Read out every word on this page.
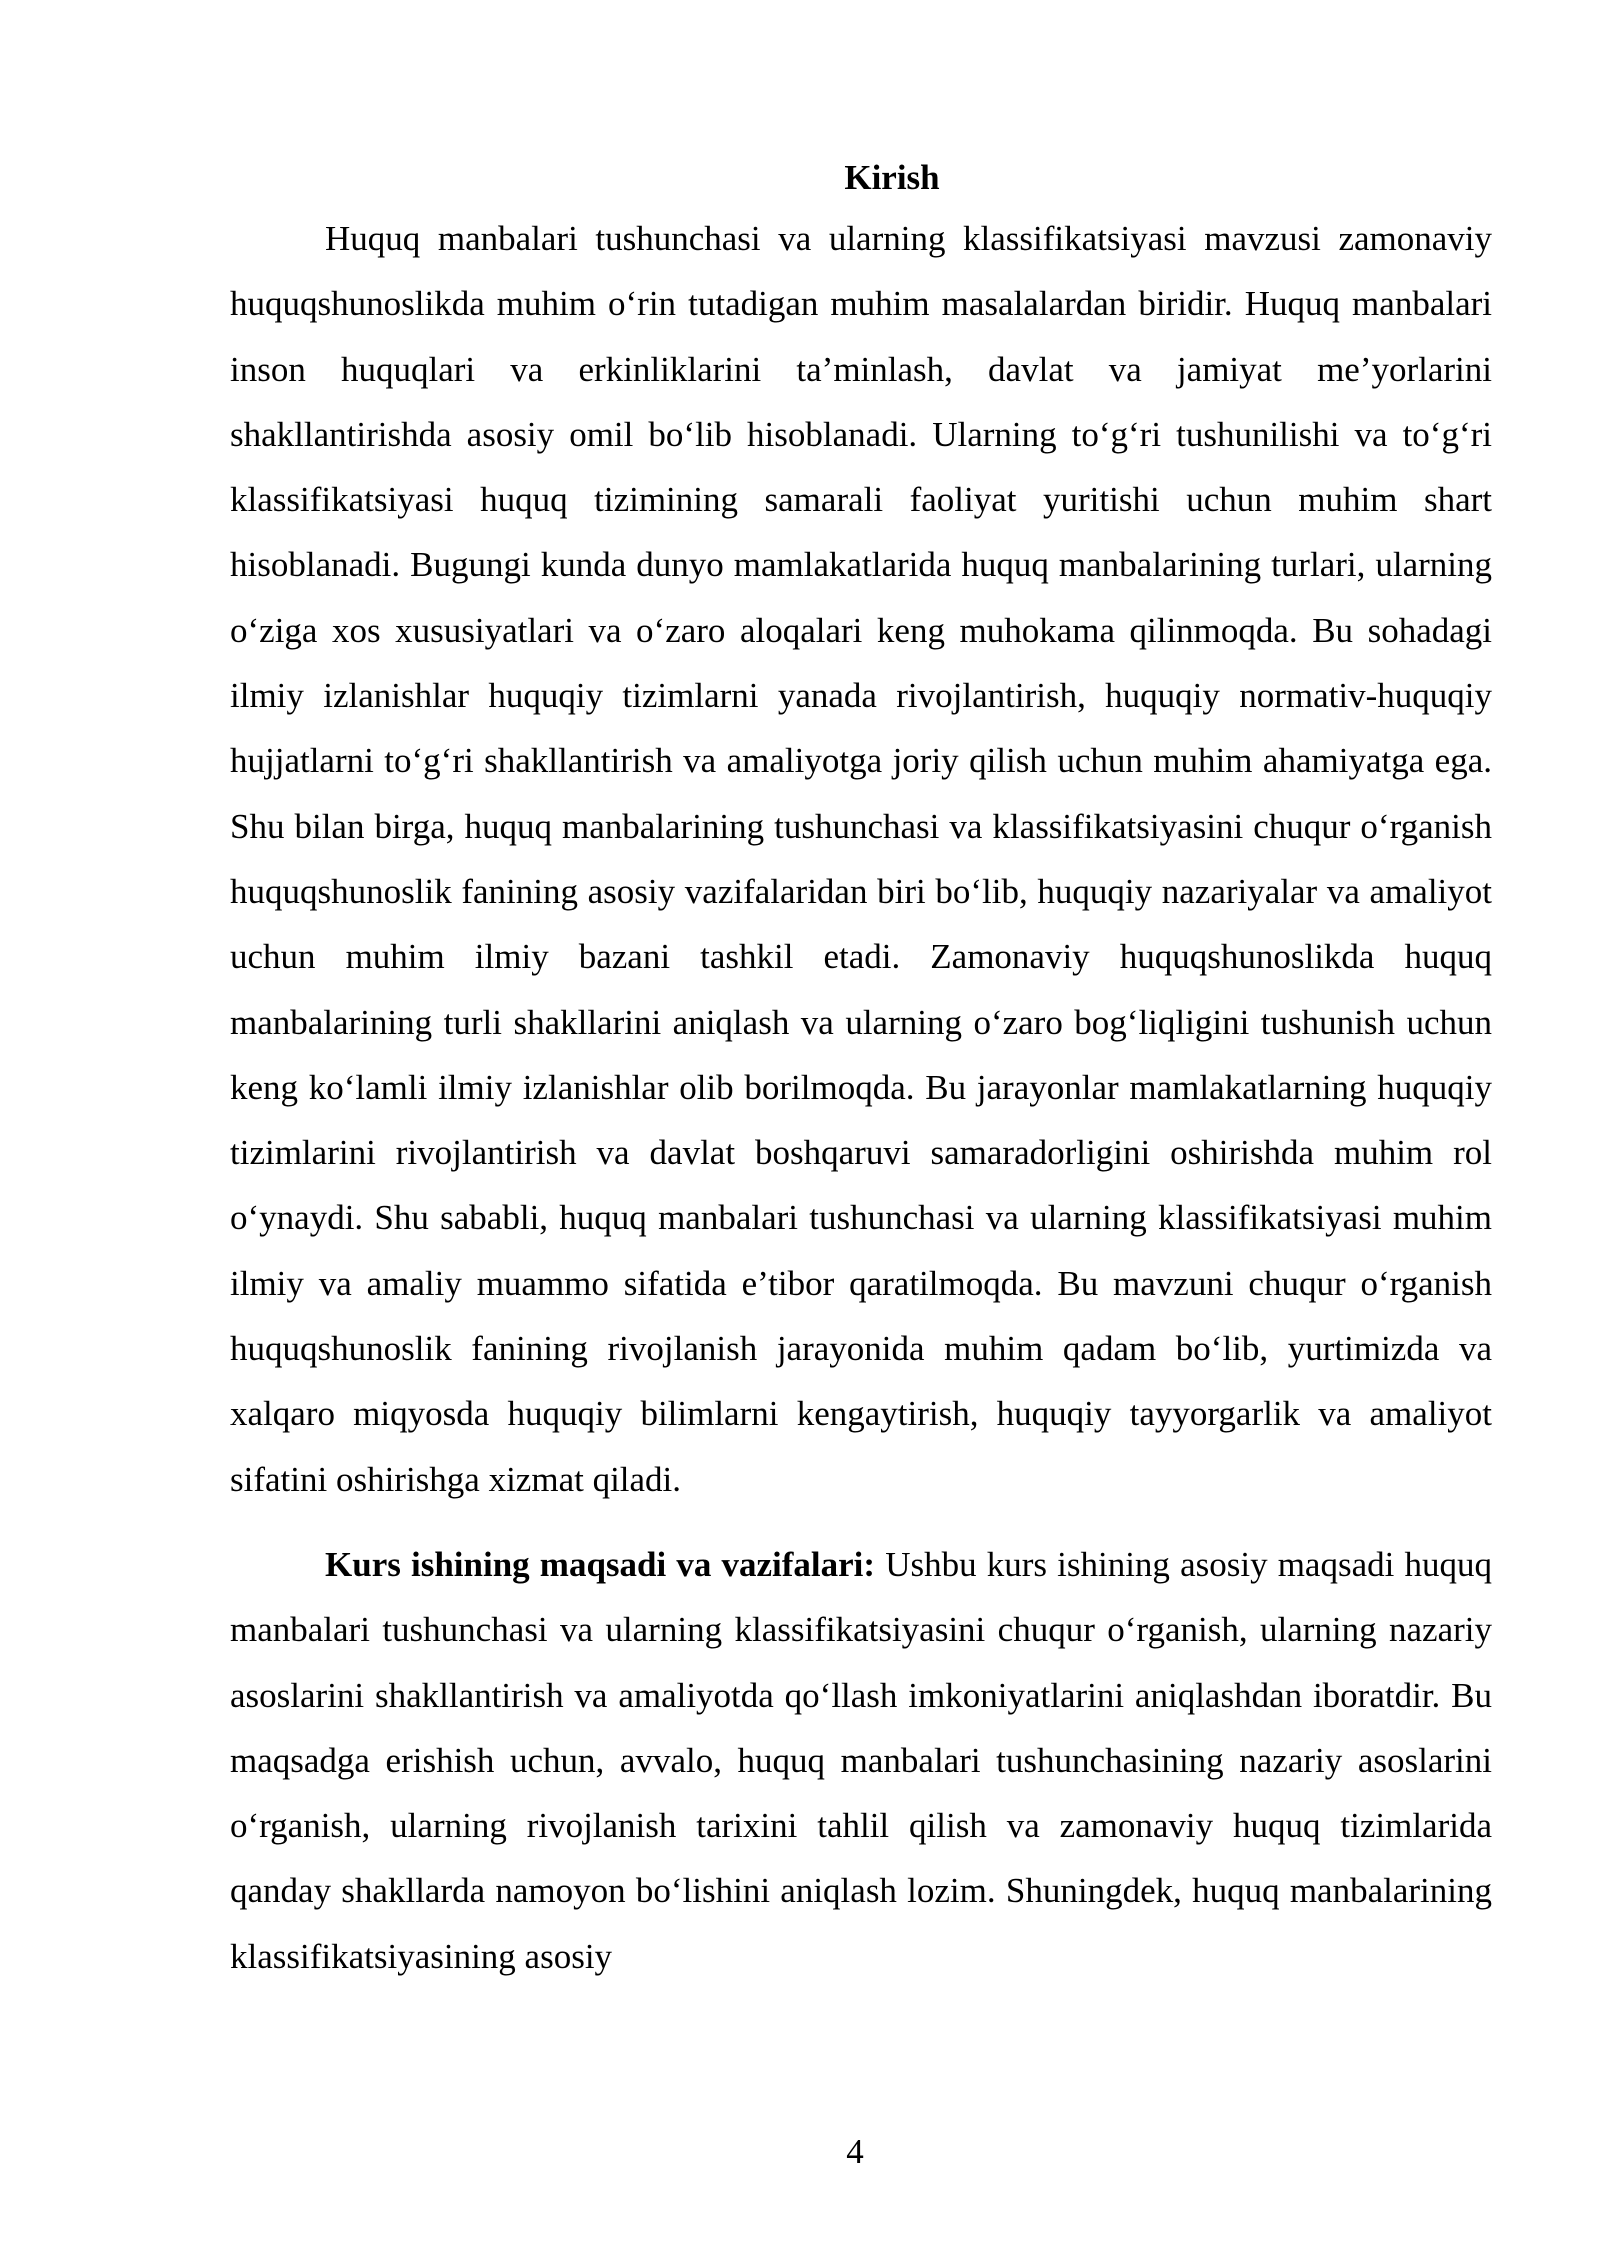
Kirish

Huquq manbalari tushunchasi va ularning klassifikatsiyasi mavzusi zamonaviy huquqshunoslikda muhim o‘rin tutadigan muhim masalalardan biridir. Huquq manbalari inson huquqlari va erkinliklarini ta’minlash, davlat va jamiyat me’yorlarini shakllantirishda asosiy omil bo‘lib hisoblanadi. Ularning to‘g‘ri tushunilishi va to‘g‘ri klassifikatsiyasi huquq tizimining samarali faoliyat yuritishi uchun muhim shart hisoblanadi. Bugungi kunda dunyo mamlakatlarida huquq manbalarining turlari, ularning o‘ziga xos xususiyatlari va o‘zaro aloqalari keng muhokama qilinmoqda. Bu sohadagi ilmiy izlanishlar huquqiy tizimlarni yanada rivojlantirish, huquqiy normativ-huquqiy hujjatlarni to‘g‘ri shakllantirish va amaliyotga joriy qilish uchun muhim ahamiyatga ega. Shu bilan birga, huquq manbalarining tushunchasi va klassifikatsiyasini chuqur o‘rganish huquqshunoslik fanining asosiy vazifalaridan biri bo‘lib, huquqiy nazariyalar va amaliyot uchun muhim ilmiy bazani tashkil etadi. Zamonaviy huquqshunoslikda huquq manbalarining turli shakllarini aniqlash va ularning o‘zaro bog‘liqligini tushunish uchun keng ko‘lamli ilmiy izlanishlar olib borilmoqda. Bu jarayonlar mamlakatlarning huquqiy tizimlarini rivojlantirish va davlat boshqaruvi samaradorligini oshirishda muhim rol o‘ynaydi. Shu sababli, huquq manbalari tushunchasi va ularning klassifikatsiyasi muhim ilmiy va amaliy muammo sifatida e’tibor qaratilmoqda. Bu mavzuni chuqur o‘rganish huquqshunoslik fanining rivojlanish jarayonida muhim qadam bo‘lib, yurtimizda va xalqaro miqyosda huquqiy bilimlarni kengaytirish, huquqiy tayyorgarlik va amaliyot sifatini oshirishga xizmat qiladi.

Kurs ishining maqsadi va vazifalari: Ushbu kurs ishining asosiy maqsadi huquq manbalari tushunchasi va ularning klassifikatsiyasini chuqur o‘rganish, ularning nazariy asoslarini shakllantirish va amaliyotda qo‘llash imkoniyatlarini aniqlashdan iboratdir. Bu maqsadga erishish uchun, avvalo, huquq manbalari tushunchasining nazariy asoslarini o‘rganish, ularning rivojlanish tarixini tahlil qilish va zamonaviy huquq tizimlarida qanday shakllarda namoyon bo‘lishini aniqlash lozim. Shuningdek, huquq manbalarining klassifikatsiyasining asosiy

4
